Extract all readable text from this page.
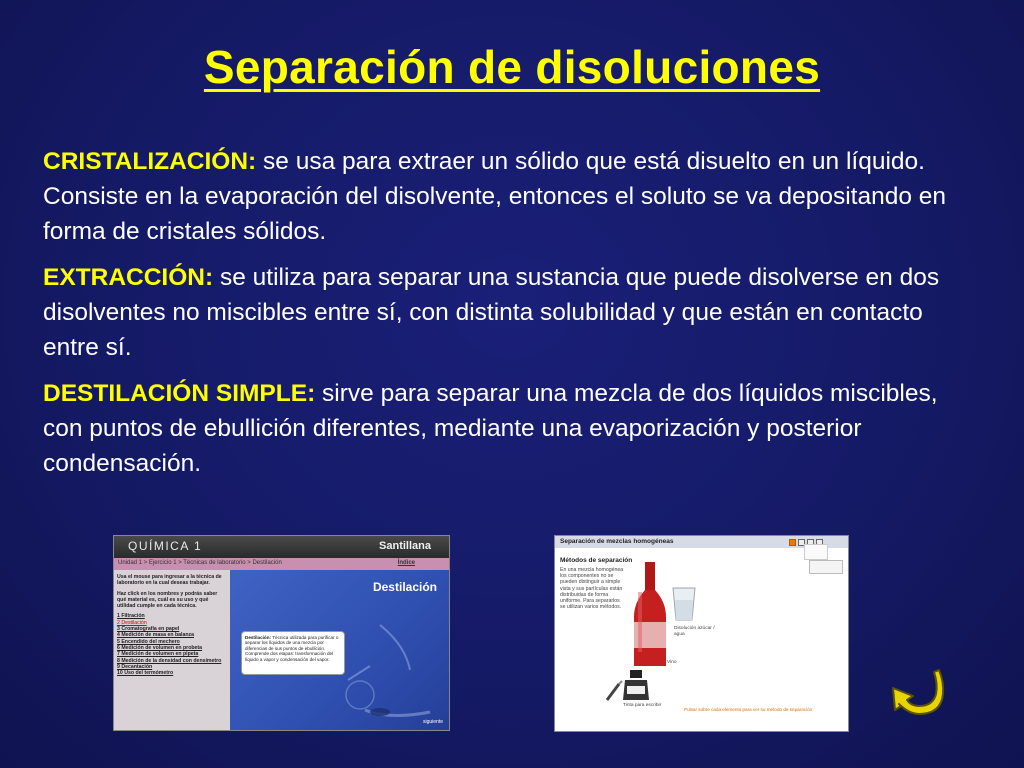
Separación de disoluciones

CRISTALIZACIÓN: se usa para extraer un sólido que está disuelto en un líquido. Consiste en la evaporación del disolvente, entonces el soluto se va depositando en forma de cristales sólidos.

EXTRACCIÓN: se utiliza para separar una sustancia que puede disolverse en dos disolventes no miscibles entre sí, con distinta solubilidad y que están en contacto entre sí.

DESTILACIÓN SIMPLE: sirve para separar una mezcla de dos líquidos miscibles, con puntos de ebullición diferentes, mediante una evaporización y posterior condensación.

QUÍMICA 1	Santillana
Unidad 1 > Ejercicio 1 > Técnicas de laboratorio > Destilación	Índice
Usa el mouse para ingresar a la técnica de laboratorio en la cual deseas trabajar.
Haz click en los nombres y podrás saber qué material es, cuál es su uso y qué utilidad cumple en cada técnica.
1 Filtración
2 Destilación
3 Cromatografía en papel
4 Medición de masa en balanza
5 Encendido del mechero
6 Medición de volumen en probeta
7 Medición de volumen en pipeta
8 Medición de la densidad con densímetro
9 Decantación
10 Uso del termómetro
Destilación
Destilación: Técnica utilizada para purificar o separar los líquidos de una mezcla por diferencias de sus puntos de ebullición. Comprende dos etapas: transformación del líquido a vapor y condensación del vapor.
siguiente
Separación de mezclas homogéneas
Métodos de separación
En una mezcla homogénea los componentes no se pueden distinguir a simple vista y sus partículas están distribuidas de forma uniforme. Para separarlos se utilizan varios métodos.
Vino
Disolución azúcar / agua
Tinta para escribir
Pulsar sobre cada elemento para ver su método de separación
